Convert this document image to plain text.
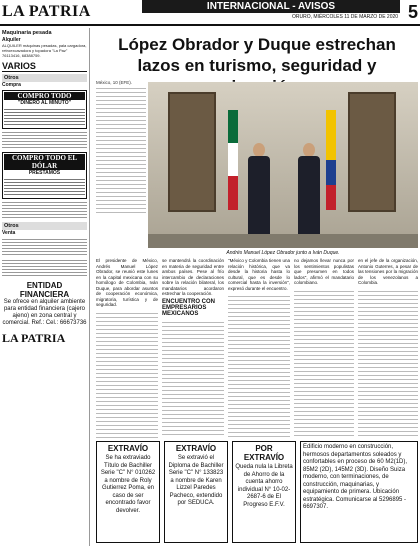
LA PATRIA	INTERNACIONAL - AVISOS
ORURO, MIÉRCOLES 11 DE MARZO DE 2020 5
Maquinaria pesada
Alquiler
ALQUILER máquinas pesadas, pala cargadora, retroexcavadora y topadora "La Paz" 76113416, 68388759.
VARIOS
Otros
Compra
COMPRO TODO
"DINERO AL MINUTO"
COMPRO TODO EL DÓLAR
PRÉSTAMOS
Otros
Venta
ENTIDAD
FINANCIERA
Se ofrece en alquiler ambiente para entidad financiera (cajero ajeno) en zona central y comercial. Ref.: Cel.: 66673736
LA PATRIA
López Obrador y Duque estrechan lazos en turismo, seguridad y
México, 10 (EFE).
Andrés Manuel López Obrador junto a Iván Duque.

El presidente de México, Andrés Manuel López Obrador, se reunió este lunes en la capital mexicana con su homólogo de Colombia, Iván Duque, para abordar asuntos de cooperación económica, migratoria, turística y de seguridad.

se mantendrá la coordinación en materia de seguridad entre ambos países. Pese al frío intercambio de declaraciones sobre la relación bilateral, los mandatarios acordaron estrechar la cooperación.

ENCUENTRO CON EMPRESARIOS MEXICANOS

"México y Colombia tienen una relación histórica, que va desde la historia hasta lo cultural, que es desde lo comercial hasta la inversión", expresó durante el encuentro.

no dejamos llevar nunca por los sentimientos populistas que presumen en todos lados", afirmó el mandatario colombiano.

en el jefe de la organización, Antonio Guterres, a pesar de las tensiones por la migración de los venezolanos a Colombia.

EXTRAVÍO
Se ha extraviado Título de Bachiller Serie "C" N° 010262 a nombre de Roly Gutierrez Poma, en caso de ser encontrado favor devolver.
EXTRAVÍO
Se extravió el Diploma de Bachiller Serie "C" N° 133823 a nombre de Karen Lizzel Paredes Pacheco, extendido por SEDUCA.
POR EXTRAVÍO
Queda nula la Libreta de Ahorro de la cuenta ahorro individual N° 10-02-2687-6 de El Progreso E.F.V.
Edificio moderno en construcción, hermosos departamentos soleados y confortables en proceso de 60 M2(1D), 85M2 (2D), 145M2 (3D). Diseño Suiza moderno, con terminaciones, de construcción, maquinarias, y equipamiento de primera. Ubicación estratégica. Comunicarse al 5296895 - 6697307.
